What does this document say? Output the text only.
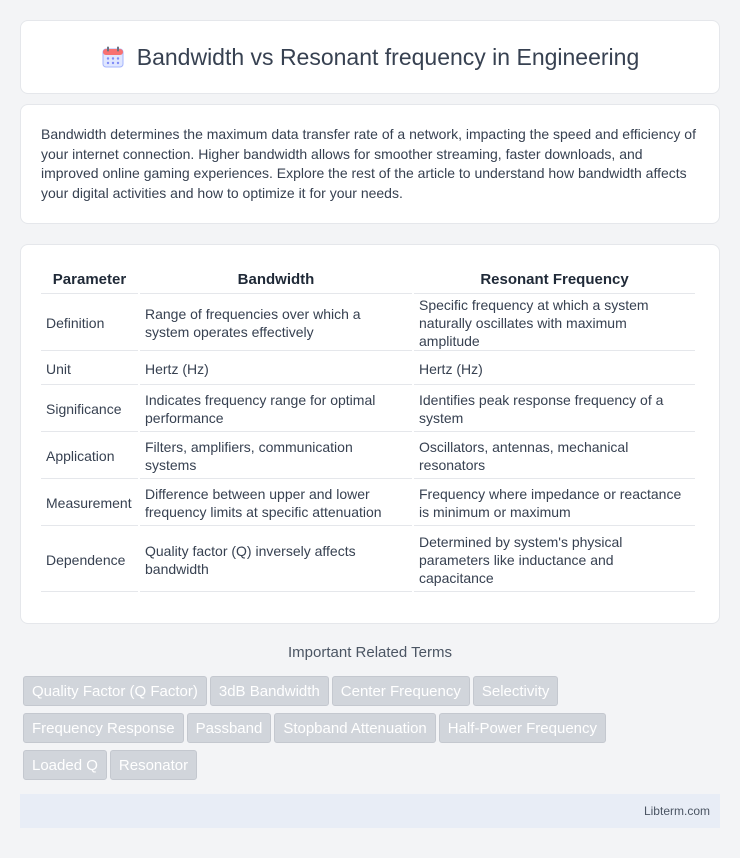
Bandwidth vs Resonant frequency in Engineering

Bandwidth determines the maximum data transfer rate of a network, impacting the speed and efficiency of your internet connection. Higher bandwidth allows for smoother streaming, faster downloads, and improved online gaming experiences. Explore the rest of the article to understand how bandwidth affects your digital activities and how to optimize it for your needs.

Parameter	Bandwidth	Resonant Frequency
Definition	Range of frequencies over which a system operates effectively	Specific frequency at which a system naturally oscillates with maximum amplitude
Unit	Hertz (Hz)	Hertz (Hz)
Significance	Indicates frequency range for optimal performance	Identifies peak response frequency of a system
Application	Filters, amplifiers, communication systems	Oscillators, antennas, mechanical resonators
Measurement	Difference between upper and lower frequency limits at specific attenuation	Frequency where impedance or reactance is minimum or maximum
Dependence	Quality factor (Q) inversely affects bandwidth	Determined by system's physical parameters like inductance and capacitance
Important Related Terms
Quality Factor (Q Factor) 3dB Bandwidth Center Frequency Selectivity
Frequency Response Passband Stopband Attenuation Half-Power Frequency
Loaded Q Resonator
Libterm.com
